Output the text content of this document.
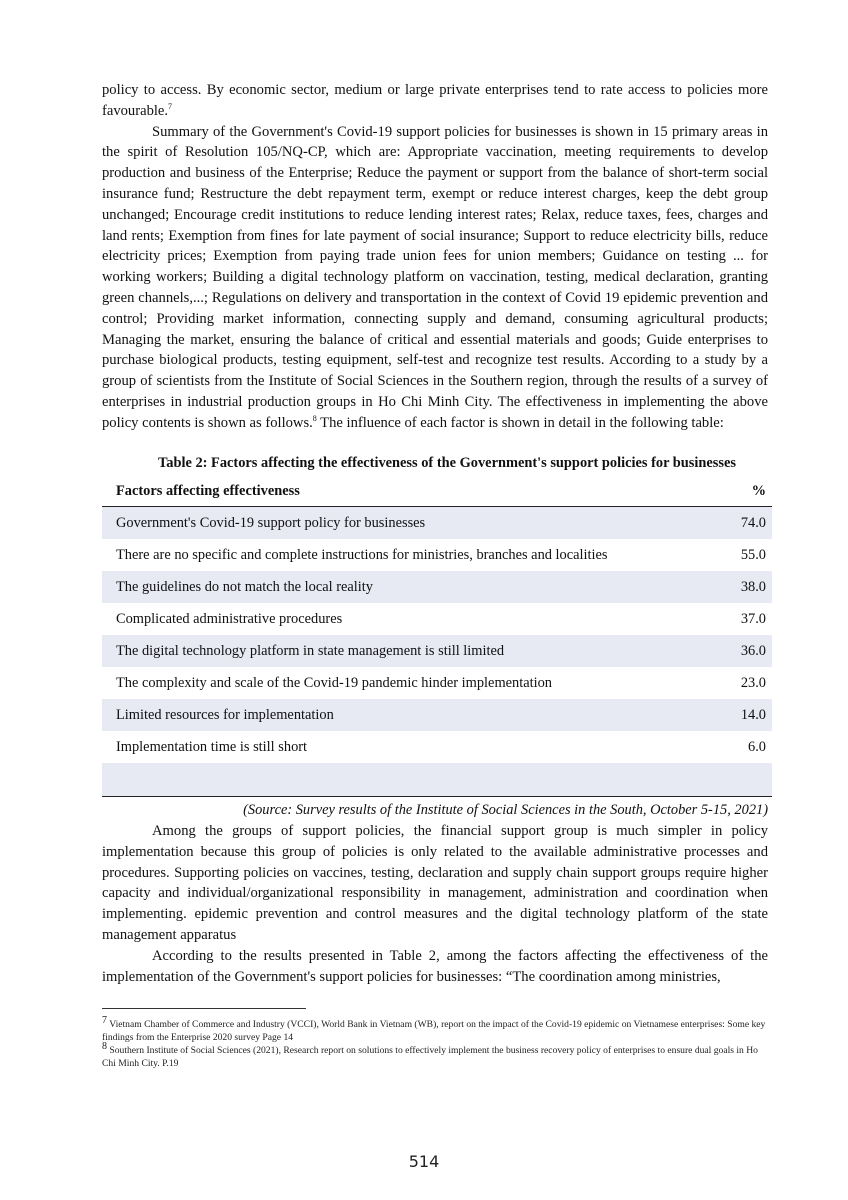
policy to access. By economic sector, medium or large private enterprises tend to rate access to policies more favourable.$^7$

Summary of the Government's Covid-19 support policies for businesses is shown in 15 primary areas in the spirit of Resolution 105/NQ-CP, which are: Appropriate vaccination, meeting requirements to develop production and business of the Enterprise; Reduce the payment or support from the balance of short-term social insurance fund; Restructure the debt repayment term, exempt or reduce interest charges, keep the debt group unchanged; Encourage credit institutions to reduce lending interest rates; Relax, reduce taxes, fees, charges and land rents; Exemption from fines for late payment of social insurance; Support to reduce electricity bills, reduce electricity prices; Exemption from paying trade union fees for union members; Guidance on testing ... for working workers; Building a digital technology platform on vaccination, testing, medical declaration, granting green channels,...; Regulations on delivery and transportation in the context of Covid 19 epidemic prevention and control; Providing market information, connecting supply and demand, consuming agricultural products; Managing the market, ensuring the balance of critical and essential materials and goods; Guide enterprises to purchase biological products, testing equipment, self-test and recognize test results. According to a study by a group of scientists from the Institute of Social Sciences in the Southern region, through the results of a survey of enterprises in industrial production groups in Ho Chi Minh City. The effectiveness in implementing the above policy contents is shown as follows.$^8$ The influence of each factor is shown in detail in the following table:

Table 2: Factors affecting the effectiveness of the Government's support policies for businesses
Factors affecting effectiveness	%
Government's Covid-19 support policy for businesses	74.0
There are no specific and complete instructions for ministries, branches and localities	55.0
The guidelines do not match the local reality	38.0
Complicated administrative procedures	37.0
The digital technology platform in state management is still limited	36.0
The complexity and scale of the Covid-19 pandemic hinder implementation	23.0
Limited resources for implementation	14.0
Implementation time is still short	6.0
(Source: Survey results of the Institute of Social Sciences in the South, October 5-15, 2021)

Among the groups of support policies, the financial support group is much simpler in policy implementation because this group of policies is only related to the available administrative processes and procedures. Supporting policies on vaccines, testing, declaration and supply chain support groups require higher capacity and individual/organizational responsibility in management, administration and coordination when implementing. epidemic prevention and control measures and the digital technology platform of the state management apparatus

According to the results presented in Table 2, among the factors affecting the effectiveness of the implementation of the Government's support policies for businesses: “The coordination among ministries,

$^7$ Vietnam Chamber of Commerce and Industry (VCCI), World Bank in Vietnam (WB), report on the impact of the Covid-19 epidemic on Vietnamese enterprises: Some key findings from the Enterprise 2020 survey Page 14

$^8$ Southern Institute of Social Sciences (2021), Research report on solutions to effectively implement the business recovery policy of enterprises to ensure dual goals in Ho Chi Minh City. P.19

514
